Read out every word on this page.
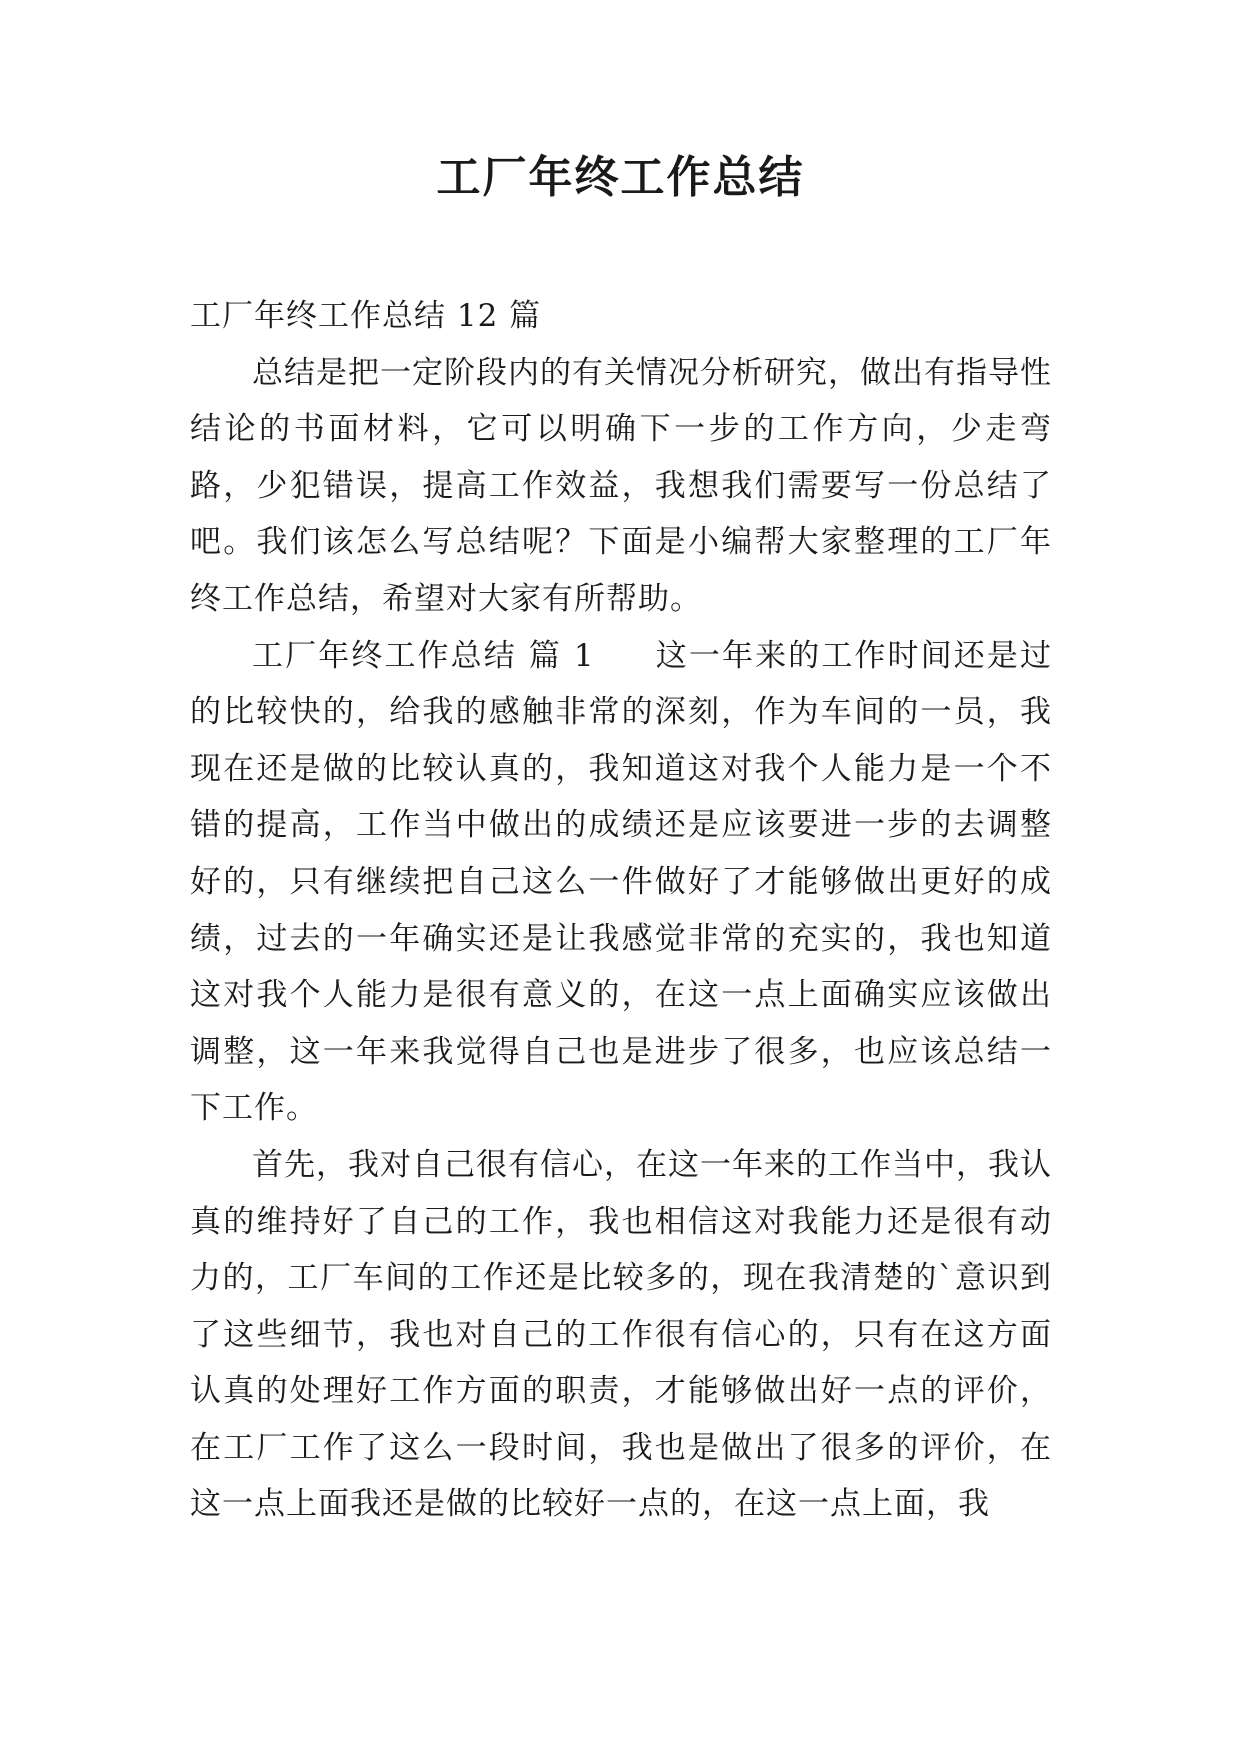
工厂年终工作总结

工厂年终工作总结 12 篇

总结是把一定阶段内的有关情况分析研究，做出有指导性结论的书面材料，它可以明确下一步的工作方向，少走弯路，少犯错误，提高工作效益，我想我们需要写一份总结了吧。我们该怎么写总结呢？下面是小编帮大家整理的工厂年终工作总结，希望对大家有所帮助。

工厂年终工作总结 篇 1 这一年来的工作时间还是过的比较快的，给我的感触非常的深刻，作为车间的一员，我现在还是做的比较认真的，我知道这对我个人能力是一个不错的提高，工作当中做出的成绩还是应该要进一步的去调整好的，只有继续把自己这么一件做好了才能够做出更好的成绩，过去的一年确实还是让我感觉非常的充实的，我也知道这对我个人能力是很有意义的，在这一点上面确实应该做出调整，这一年来我觉得自己也是进步了很多，也应该总结一下工作。

首先，我对自己很有信心，在这一年来的工作当中，我认真的维持好了自己的工作，我也相信这对我能力还是很有动力的，工厂车间的工作还是比较多的，现在我清楚的`意识到了这些细节，我也对自己的工作很有信心的，只有在这方面认真的处理好工作方面的职责，才能够做出好一点的评价，在工厂工作了这么一段时间，我也是做出了很多的评价，在这一点上面我还是做的比较好一点的，在这一点上面，我
